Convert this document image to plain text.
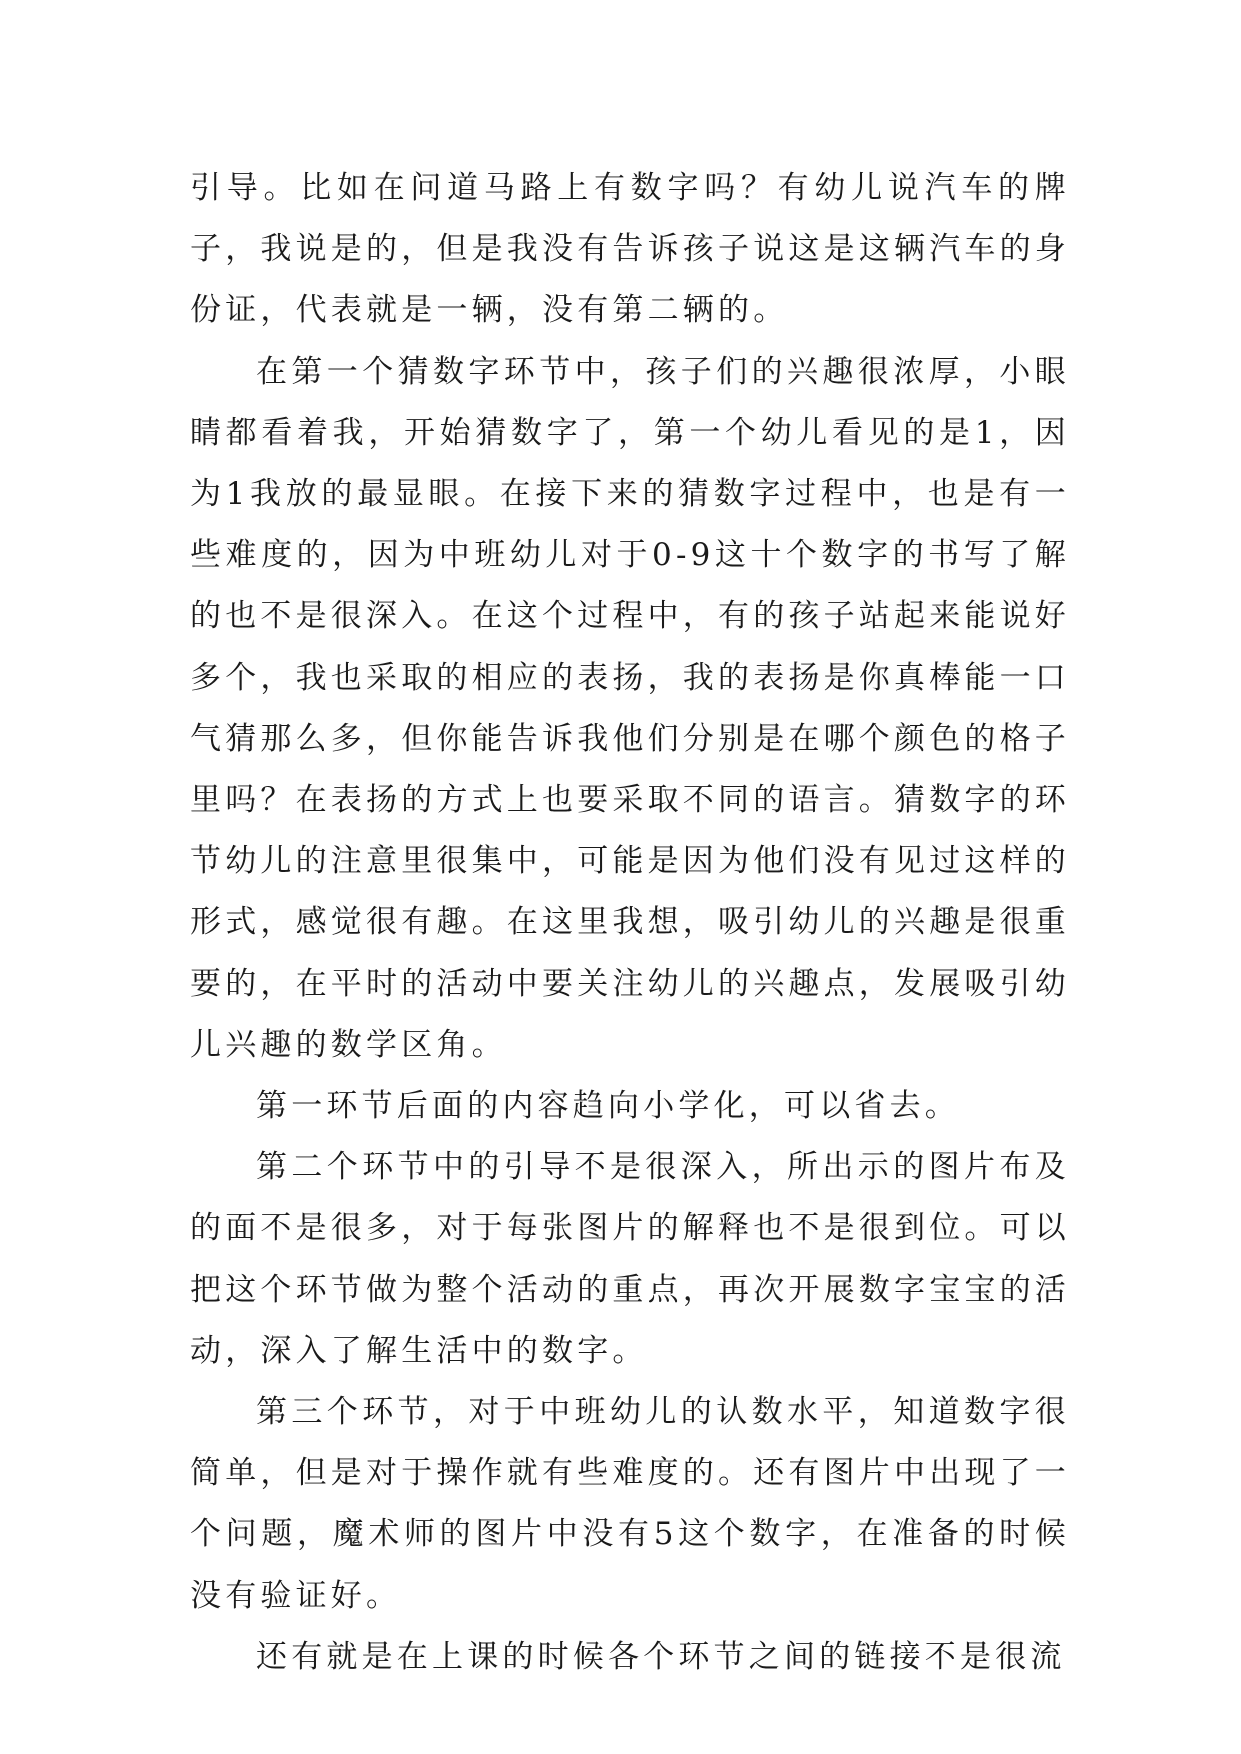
引导。比如在问道马路上有数字吗？有幼儿说汽车的牌子，我说是的，但是我没有告诉孩子说这是这辆汽车的身份证，代表就是一辆，没有第二辆的。

在第一个猜数字环节中，孩子们的兴趣很浓厚，小眼睛都看着我，开始猜数字了，第一个幼儿看见的是1，因为1我放的最显眼。在接下来的猜数字过程中，也是有一些难度的，因为中班幼儿对于0-9这十个数字的书写了解的也不是很深入。在这个过程中，有的孩子站起来能说好多个，我也采取的相应的表扬，我的表扬是你真棒能一口气猜那么多，但你能告诉我他们分别是在哪个颜色的格子里吗？在表扬的方式上也要采取不同的语言。猜数字的环节幼儿的注意里很集中，可能是因为他们没有见过这样的形式，感觉很有趣。在这里我想，吸引幼儿的兴趣是很重要的，在平时的活动中要关注幼儿的兴趣点，发展吸引幼儿兴趣的数学区角。

第一环节后面的内容趋向小学化，可以省去。

第二个环节中的引导不是很深入，所出示的图片布及的面不是很多，对于每张图片的解释也不是很到位。可以把这个环节做为整个活动的重点，再次开展数字宝宝的活动，深入了解生活中的数字。

第三个环节，对于中班幼儿的认数水平，知道数字很简单，但是对于操作就有些难度的。还有图片中出现了一个问题，魔术师的图片中没有5这个数字，在准备的时候没有验证好。

还有就是在上课的时候各个环节之间的链接不是很流
